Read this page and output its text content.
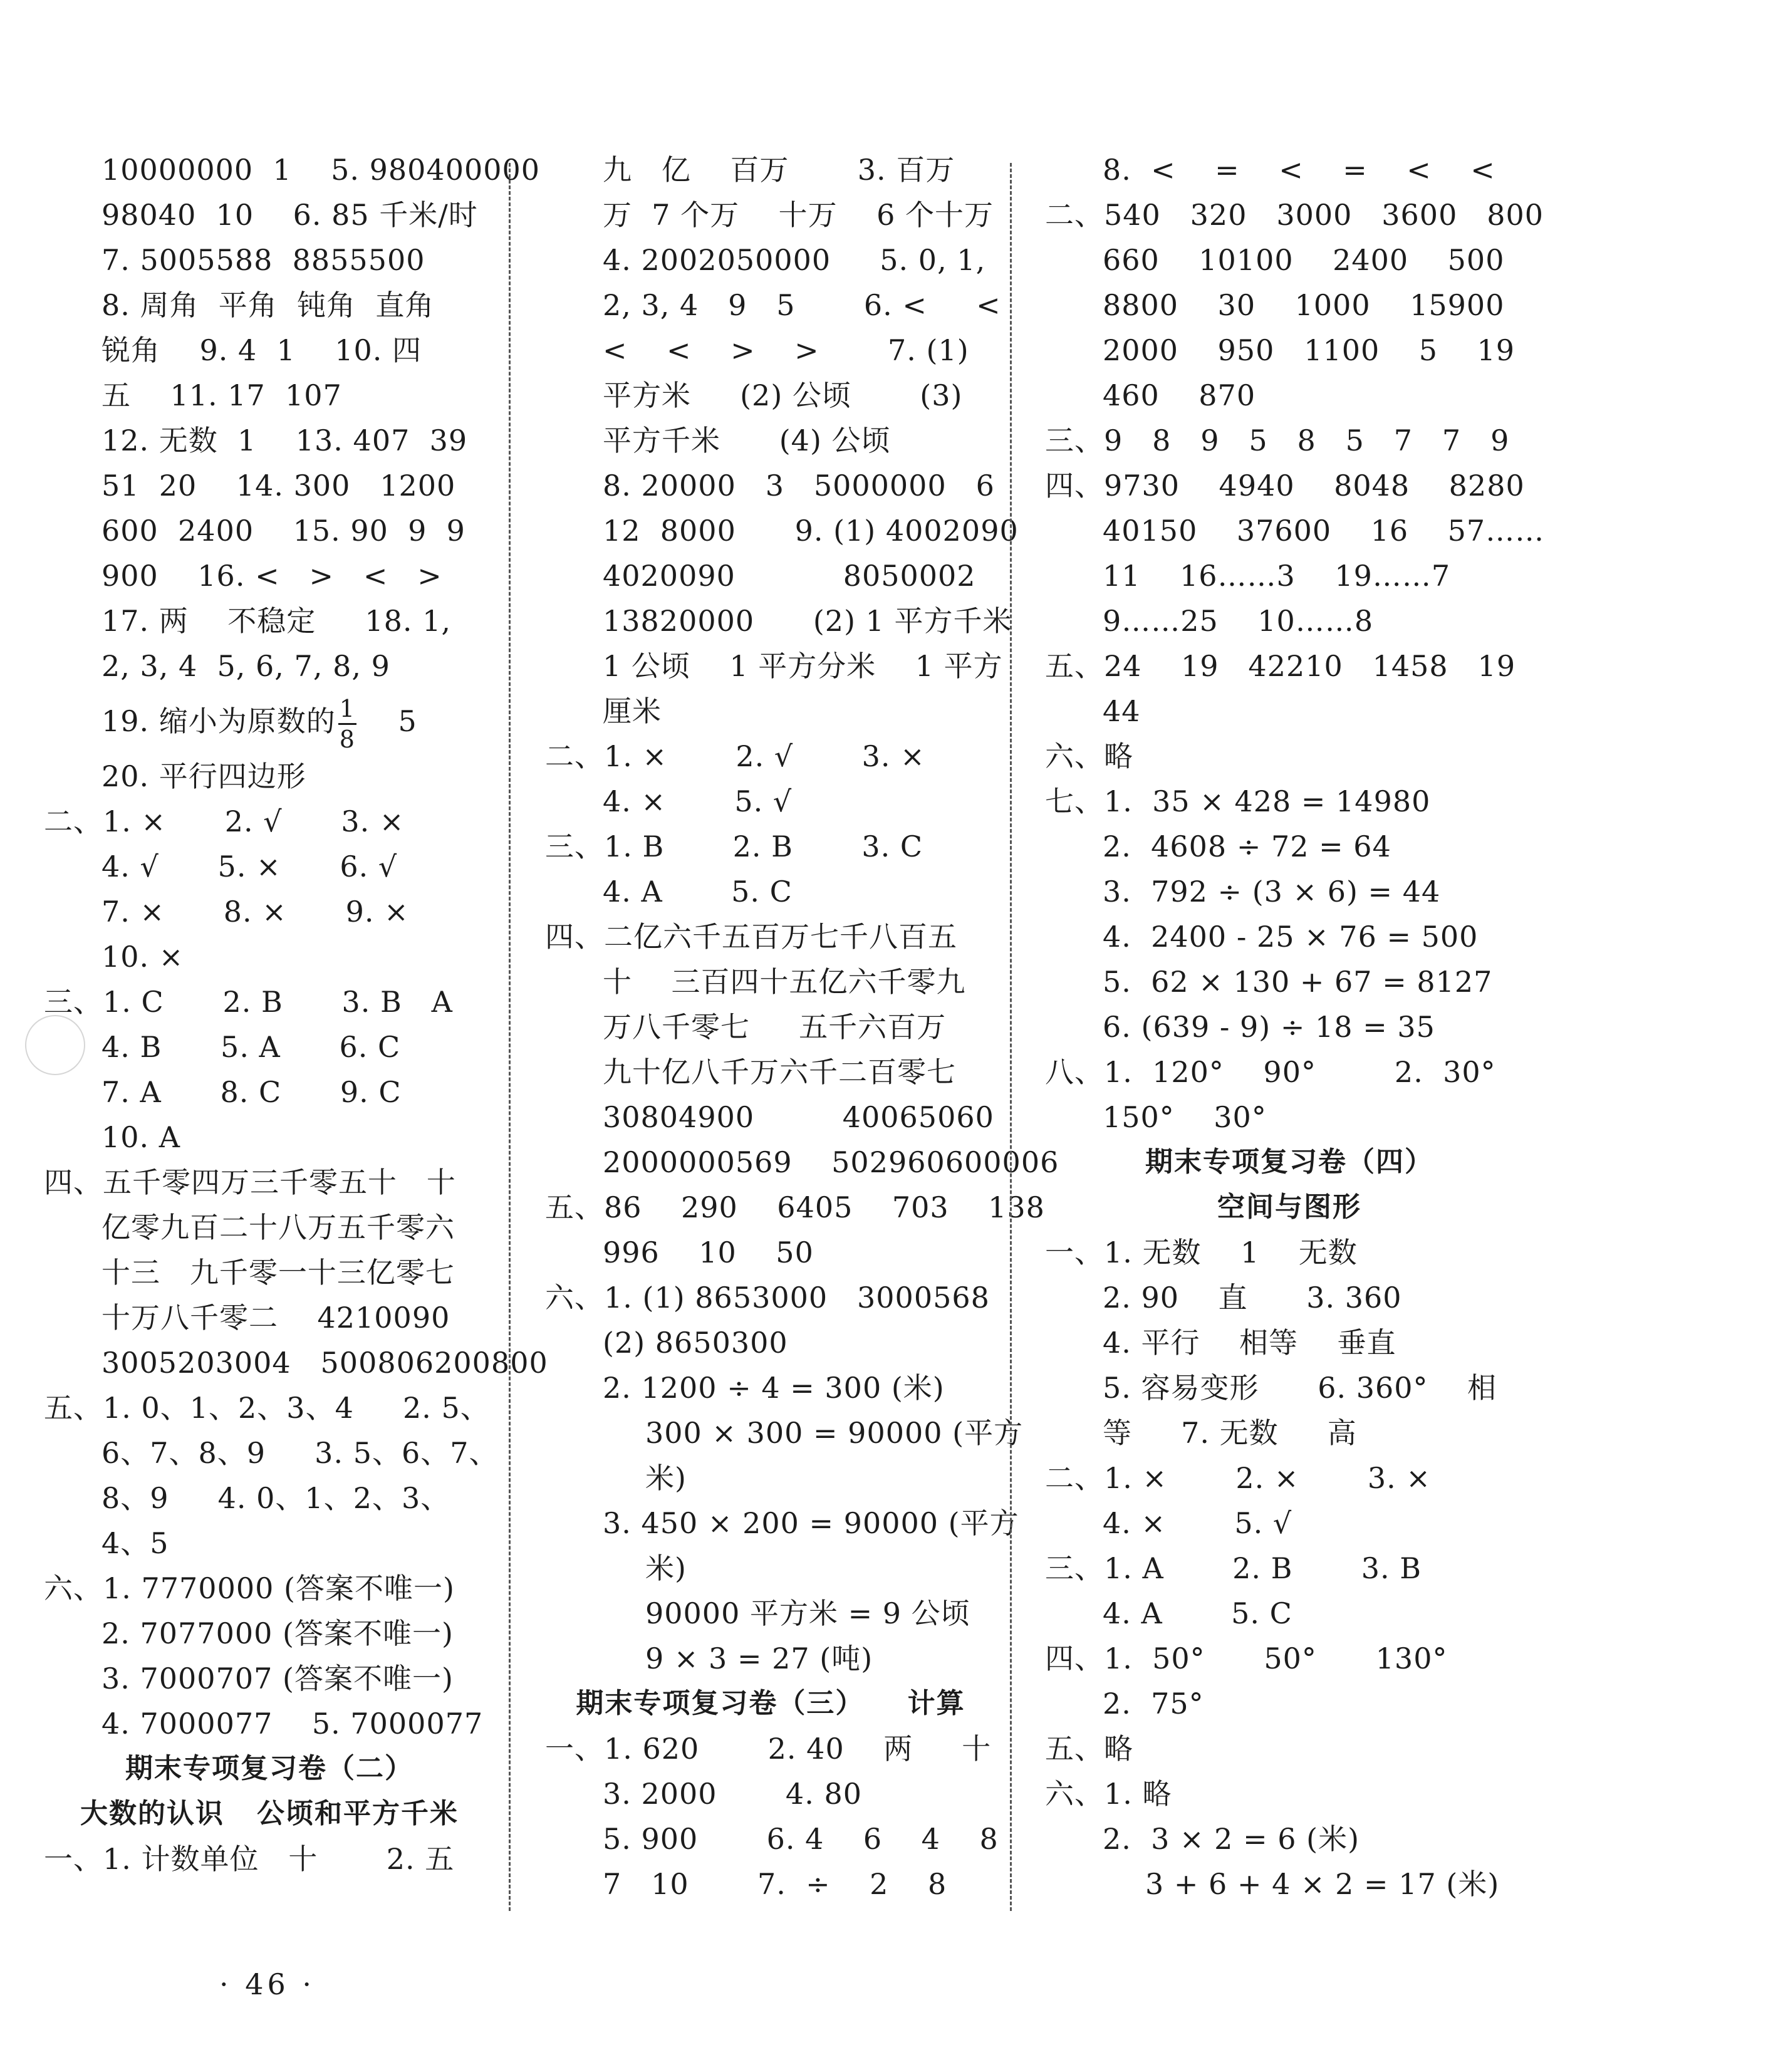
10000000  1    5. 980400000
98040  10    6. 85 千米/时
7. 5005588  8855500
8. 周角  平角  钝角  直角
锐角    9. 4  1    10. 四
五    11. 17  107
12. 无数  1    13. 407  39
51  20    14. 300   1200
600  2400    15. 90  9  9
900    16. <   >   <   >
17. 两    不稳定     18. 1,
2, 3, 4  5, 6, 7, 8, 9
19. 缩小为原数的 $\frac{1}{8} 5$
20. 平行四边形
二、1. ×      2. √      3. ×
4. √      5. ×      6. √
7. ×      8. ×      9. ×
10. ×
三、1. C      2. B      3. B   A
4. B      5. A      6. C
7. A      8. C      9. C
10. A
四、五千零四万三千零五十   十
亿零九百二十八万五千零六
十三   九千零一十三亿零七
十万八千零二    4210090
3005203004   500806200800
五、1. 0、1、2、3、4     2. 5、
6、7、8、9     3. 5、6、7、
8、9     4. 0、1、2、3、
4、5
六、1. 7770000 (答案不唯一)
2. 7077000 (答案不唯一)
3. 7000707 (答案不唯一)
4. 7000077    5. 7000077
期末专项复习卷（二）
大数的认识   公顷和平方千米
一、1. 计数单位   十       2. 五
九   亿    百万       3. 百万
万  7 个万    十万    6 个十万
4. 2002050000     5. 0, 1,
2, 3, 4   9   5       6. <     <
<    <    >    >       7. (1)
平方米     (2) 公顷       (3)
平方千米      (4) 公顷
8. 20000   3   5000000   6
12  8000      9. (1) 4002090
4020090           8050002
13820000      (2) 1 平方千米
1 公顷    1 平方分米    1 平方
厘米
二、1. ×       2. √       3. ×
4. ×       5. √
三、1. B       2. B       3. C
4. A       5. C
四、二亿六千五百万七千八百五
十    三百四十五亿六千零九
万八千零七     五千六百万
九十亿八千万六千二百零七
30804900         40065060
2000000569    502960600006
五、86    290    6405    703    138
996    10    50
六、1. (1) 8653000   3000568
(2) 8650300
2. 1200 ÷ 4 = 300 (米)
300 × 300 = 90000 (平方
米)
3. 450 × 200 = 90000 (平方
米)
90000 平方米 = 9 公顷
9 × 3 = 27 (吨)
期末专项复习卷（三）    计算
一、1. 620       2. 40    两     十
3. 2000       4. 80
5. 900       6. 4    6    4    8
7   10       7.  ÷    2    8
8.  <    =    <    =    <    <
二、540   320   3000   3600   800
660    10100    2400    500
8800    30    1000    15900
2000    950   1100    5    19
460    870
三、9   8   9   5   8   5   7   7   9
四、9730    4940    8048    8280
40150    37600    16    57……
11    16……3    19……7
9……25    10……8
五、24    19   42210   1458   19
44
六、略
七、1.  35 × 428 = 14980
2.  4608 ÷ 72 = 64
3.  792 ÷ (3 × 6) = 44
4.  2400 - 25 × 76 = 500
5.  62 × 130 + 67 = 8127
6. (639 - 9) ÷ 18 = 35
八、1.  120°    90°        2.  30°
150°    30°
期末专项复习卷（四）
空间与图形
一、1. 无数    1    无数
2. 90    直      3. 360
4. 平行    相等    垂直
5. 容易变形      6. 360°    相
等     7. 无数     高
二、1. ×       2. ×       3. ×
4. ×       5. √
三、1. A       2. B       3. B
4. A       5. C
四、1.  50°      50°      130°
2.  75°
五、略
六、1. 略
2.  3 × 2 = 6 (米)
3 + 6 + 4 × 2 = 17 (米)
· 46 ·
